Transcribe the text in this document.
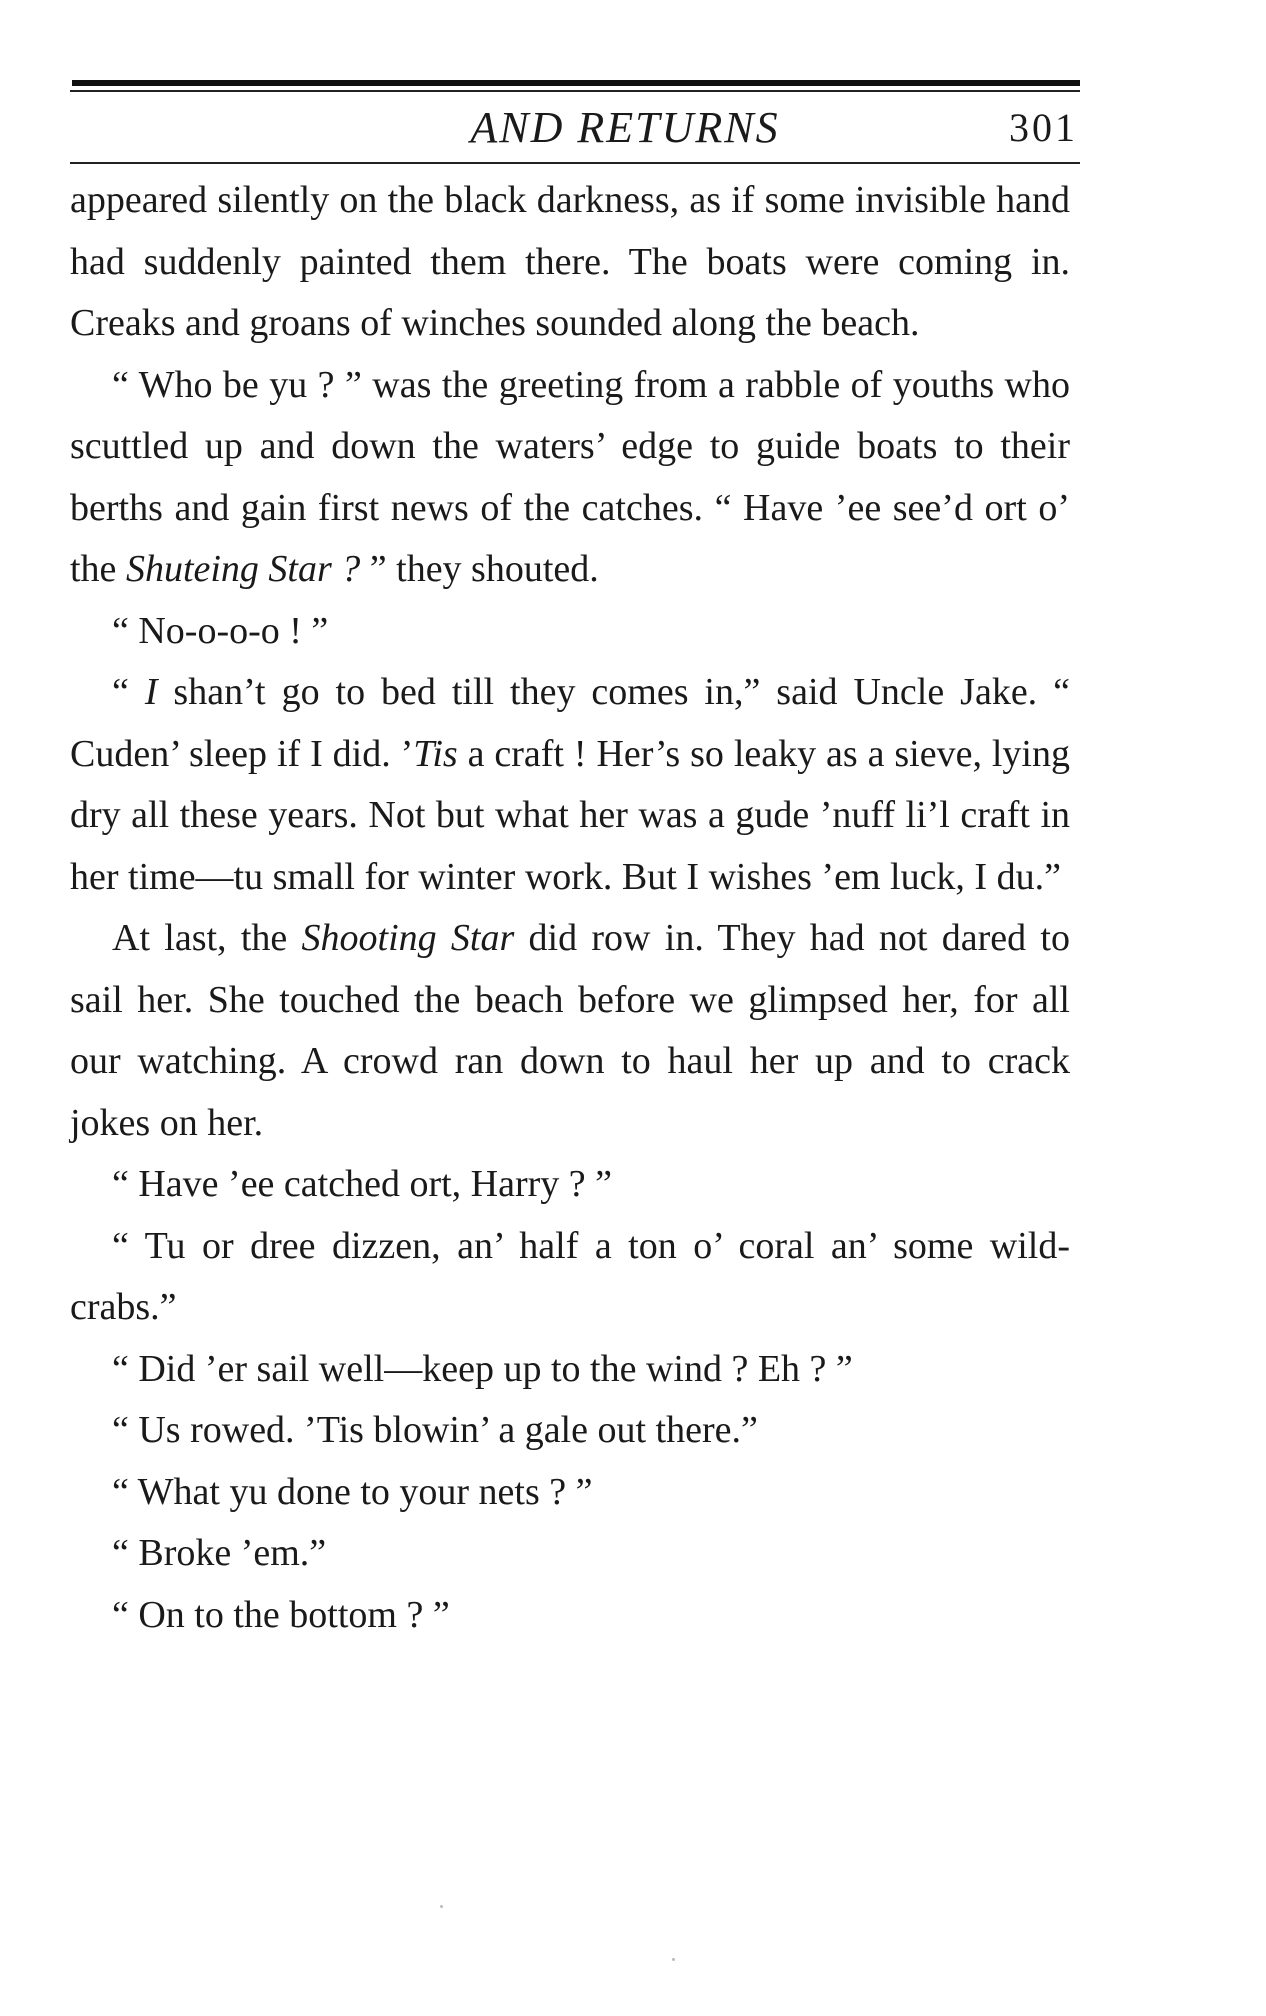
AND RETURNS	301

appeared silently on the black darkness, as if some invisible hand had suddenly painted them there. The boats were coming in. Creaks and groans of winches sounded along the beach.

“ Who be yu ? ” was the greeting from a rabble of youths who scuttled up and down the waters’ edge to guide boats to their berths and gain first news of the catches. “ Have ’ee see’d ort o’ the Shuteing Star ? ” they shouted.

“ No-o-o-o ! ”

“ I shan’t go to bed till they comes in,” said Uncle Jake. “ Cuden’ sleep if I did. ’Tis a craft ! Her’s so leaky as a sieve, lying dry all these years. Not but what her was a gude ’nuff li’l craft in her time—tu small for winter work. But I wishes ’em luck, I du.”

At last, the Shooting Star did row in. They had not dared to sail her. She touched the beach before we glimpsed her, for all our watching. A crowd ran down to haul her up and to crack jokes on her.

“ Have ’ee catched ort, Harry ? ”

“ Tu or dree dizzen, an’ half a ton o’ coral an’ some wild-crabs.”

“ Did ’er sail well—keep up to the wind ? Eh ? ”

“ Us rowed. ’Tis blowin’ a gale out there.”

“ What yu done to your nets ? ”

“ Broke ’em.”

“ On to the bottom ? ”
